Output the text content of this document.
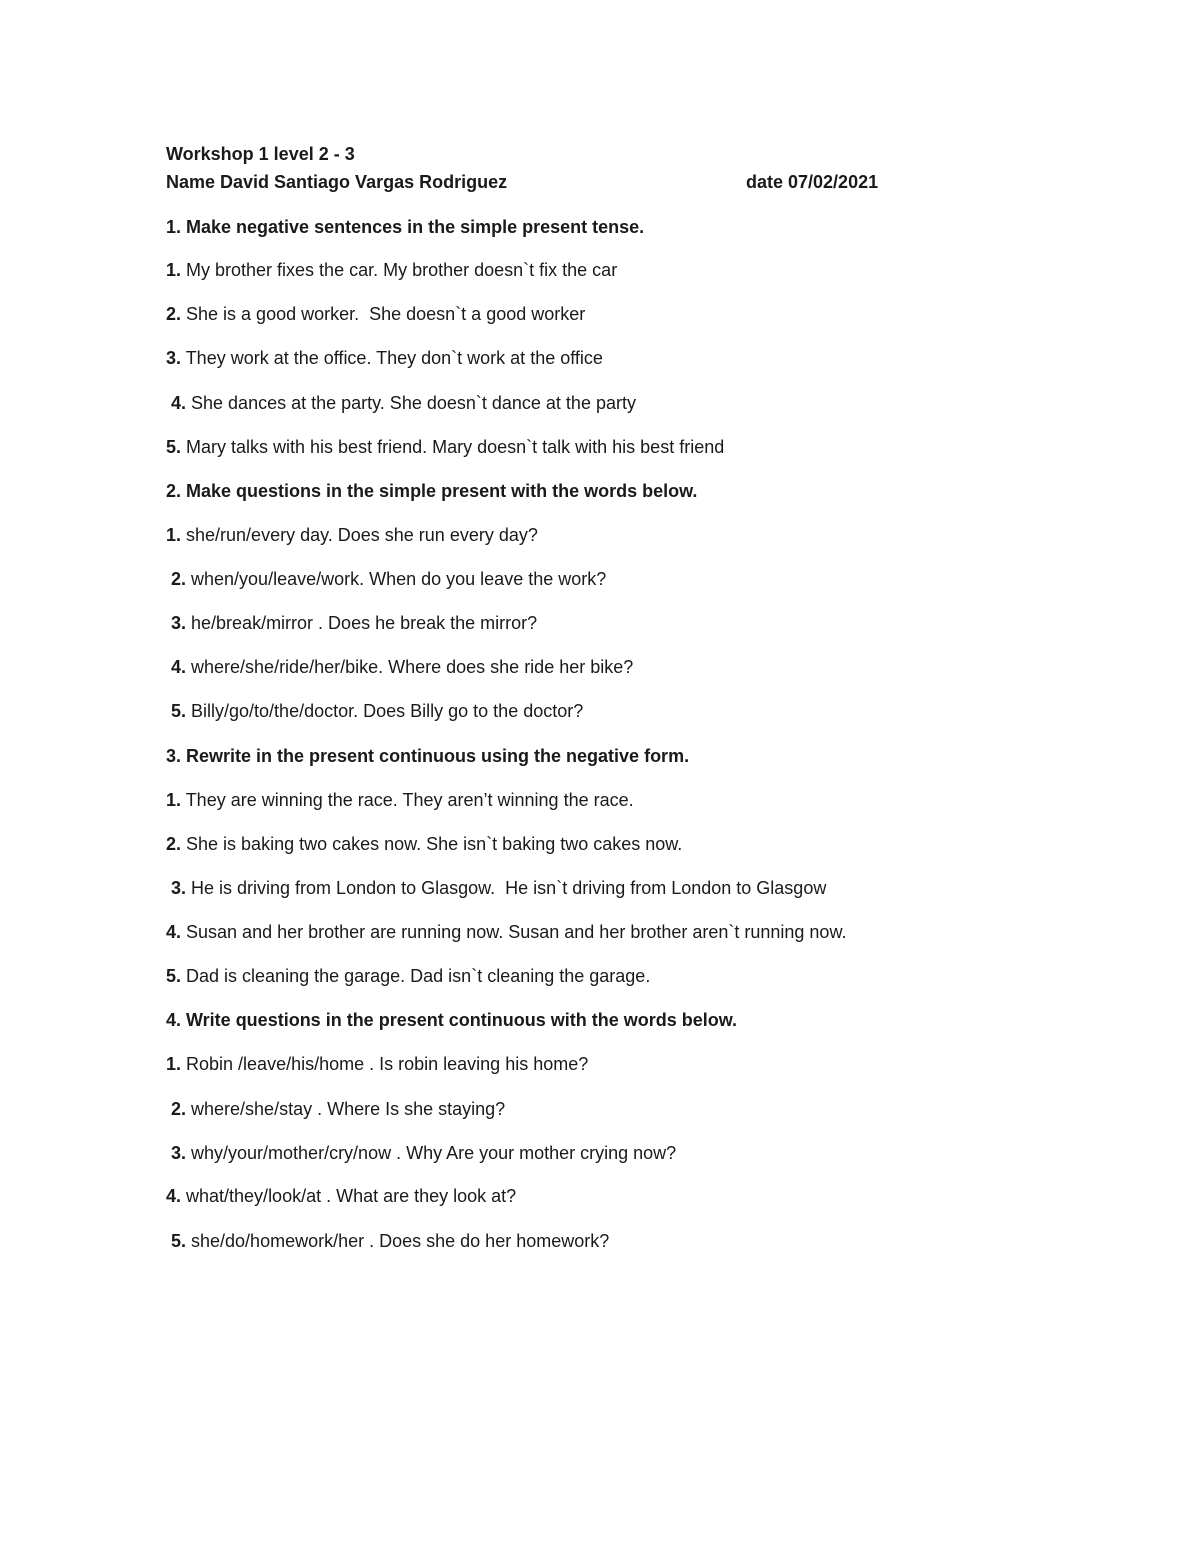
Workshop 1 level 2 - 3
Name David Santiago Vargas Rodriguez	date 07/02/2021
1. Make negative sentences in the simple present tense.
1. My brother fixes the car. My brother doesn`t fix the car
2. She is a good worker.  She doesn`t a good worker
3. They work at the office. They don`t work at the office
4. She dances at the party. She doesn`t dance at the party
5. Mary talks with his best friend. Mary doesn`t talk with his best friend
2. Make questions in the simple present with the words below.
1. she/run/every day. Does she run every day?
2. when/you/leave/work. When do you leave the work?
3. he/break/mirror . Does he break the mirror?
4. where/she/ride/her/bike. Where does she ride her bike?
5. Billy/go/to/the/doctor. Does Billy go to the doctor?
3. Rewrite in the present continuous using the negative form.
1. They are winning the race. They aren’t winning the race.
2. She is baking two cakes now. She isn`t baking two cakes now.
3. He is driving from London to Glasgow.  He isn`t driving from London to Glasgow
4. Susan and her brother are running now. Susan and her brother aren`t running now.
5. Dad is cleaning the garage. Dad isn`t cleaning the garage.
4. Write questions in the present continuous with the words below.
1. Robin /leave/his/home . Is robin leaving his home?
2. where/she/stay . Where Is she staying?
3. why/your/mother/cry/now . Why Are your mother crying now?
4. what/they/look/at . What are they look at?
5. she/do/homework/her . Does she do her homework?
